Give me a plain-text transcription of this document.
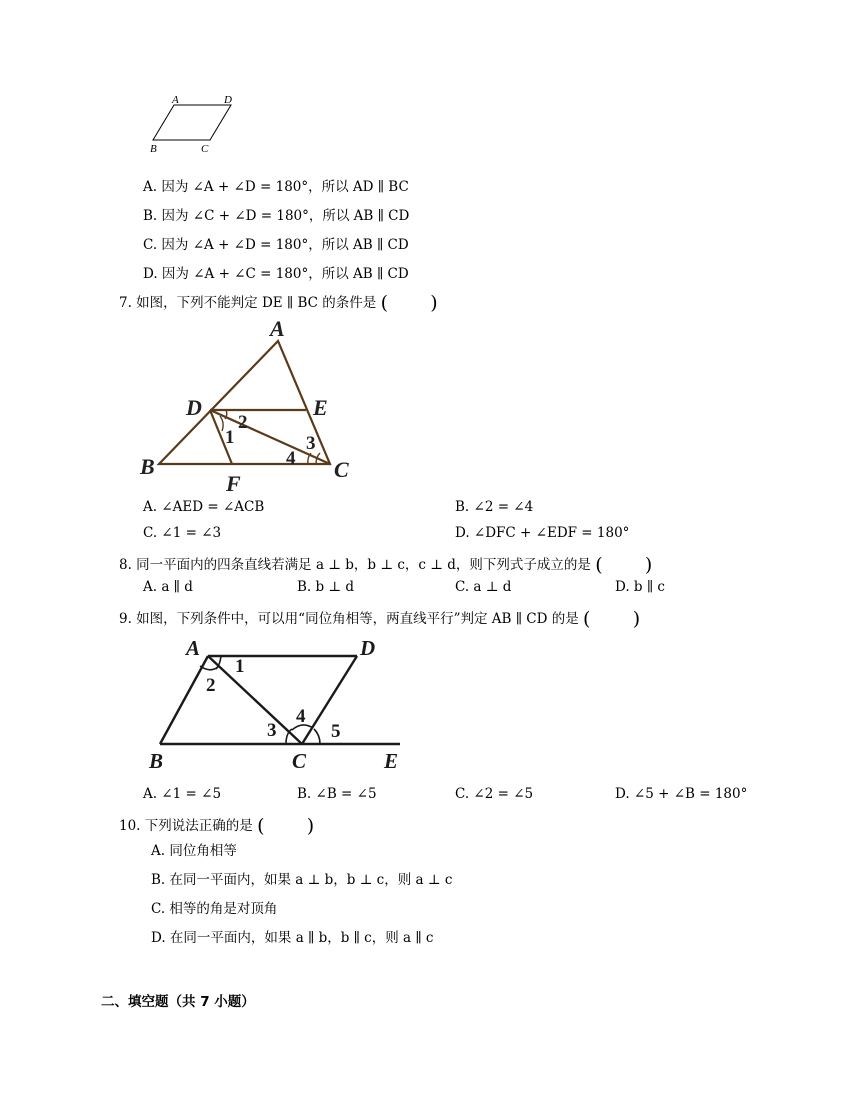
A	D
B	C
A. 因为 ∠A + ∠D = 180°，所以 AD ∥ BC
B. 因为 ∠C + ∠D = 180°，所以 AB ∥ CD
C. 因为 ∠A + ∠D = 180°，所以 AB ∥ CD
D. 因为 ∠A + ∠C = 180°，所以 AB ∥ CD
7. 如图，下列不能判定 DE ∥ BC 的条件是 (       )
A
D	E
B
F
C
1
2
3
4
A. ∠AED = ∠ACB	B. ∠2 = ∠4
C. ∠1 = ∠3	D. ∠DFC + ∠EDF = 180°
8. 同一平面内的四条直线若满足 a ⊥ b，b ⊥ c，c ⊥ d，则下列式子成立的是 (       )
A. a ∥ d	B. b ⊥ d	C. a ⊥ d	D. b ∥ c
9. 如图，下列条件中，可以用“同位角相等，两直线平行”判定 AB ∥ CD 的是 (       )
A	D
B	C	E
1
2
3
4
5
A. ∠1 = ∠5	B. ∠B = ∠5	C. ∠2 = ∠5	D. ∠5 + ∠B = 180°
10. 下列说法正确的是 (       )
A. 同位角相等
B. 在同一平面内，如果 a ⊥ b，b ⊥ c，则 a ⊥ c
C. 相等的角是对顶角
D. 在同一平面内，如果 a ∥ b，b ∥ c，则 a ∥ c
二、填空题（共 7 小题）
